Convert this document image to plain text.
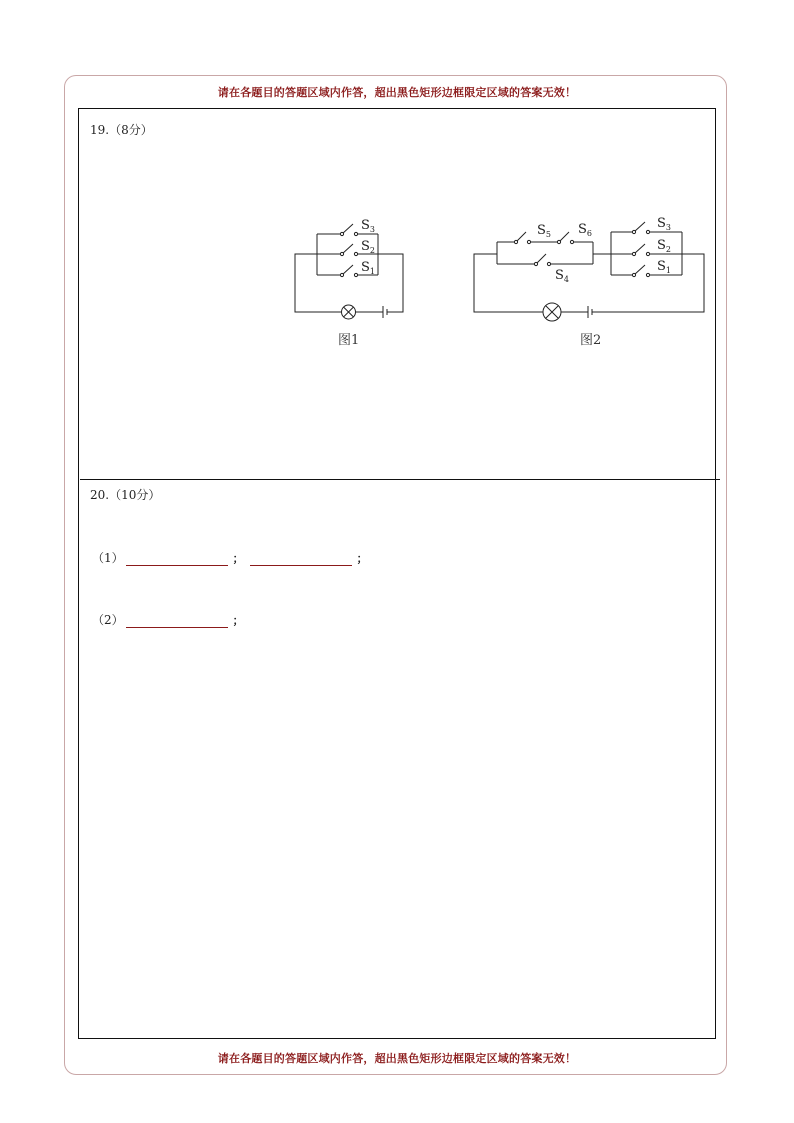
请在各题目的答题区域内作答，超出黑色矩形边框限定区域的答案无效！
19.（8分）
$S_3$
$S_2$
$S_1$
图1
$S_5$ $S_6$
$S_4$
$S_3$
$S_2$
$S_1$
图2
20.（10分）
（1）	；	；
（2）	；
请在各题目的答题区域内作答，超出黑色矩形边框限定区域的答案无效！
